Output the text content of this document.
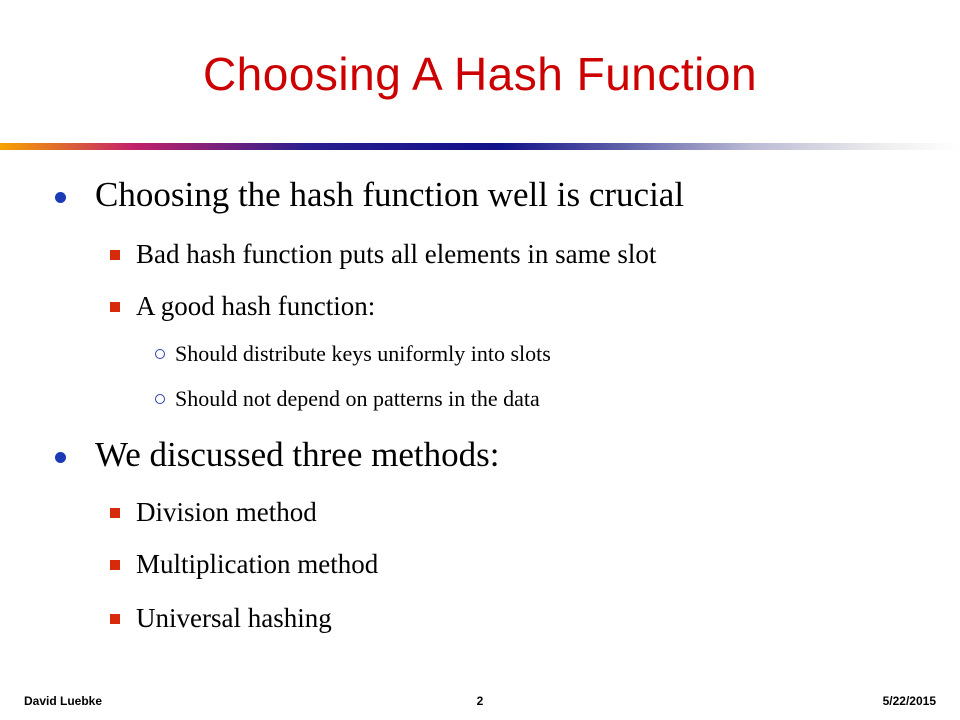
Choosing A Hash Function
Choosing the hash function well is crucial
Bad hash function puts all elements in same slot
A good hash function:
Should distribute keys uniformly into slots
Should not depend on patterns in the data
We discussed three methods:
Division method
Multiplication method
Universal hashing
David Luebke	2	5/22/2015
